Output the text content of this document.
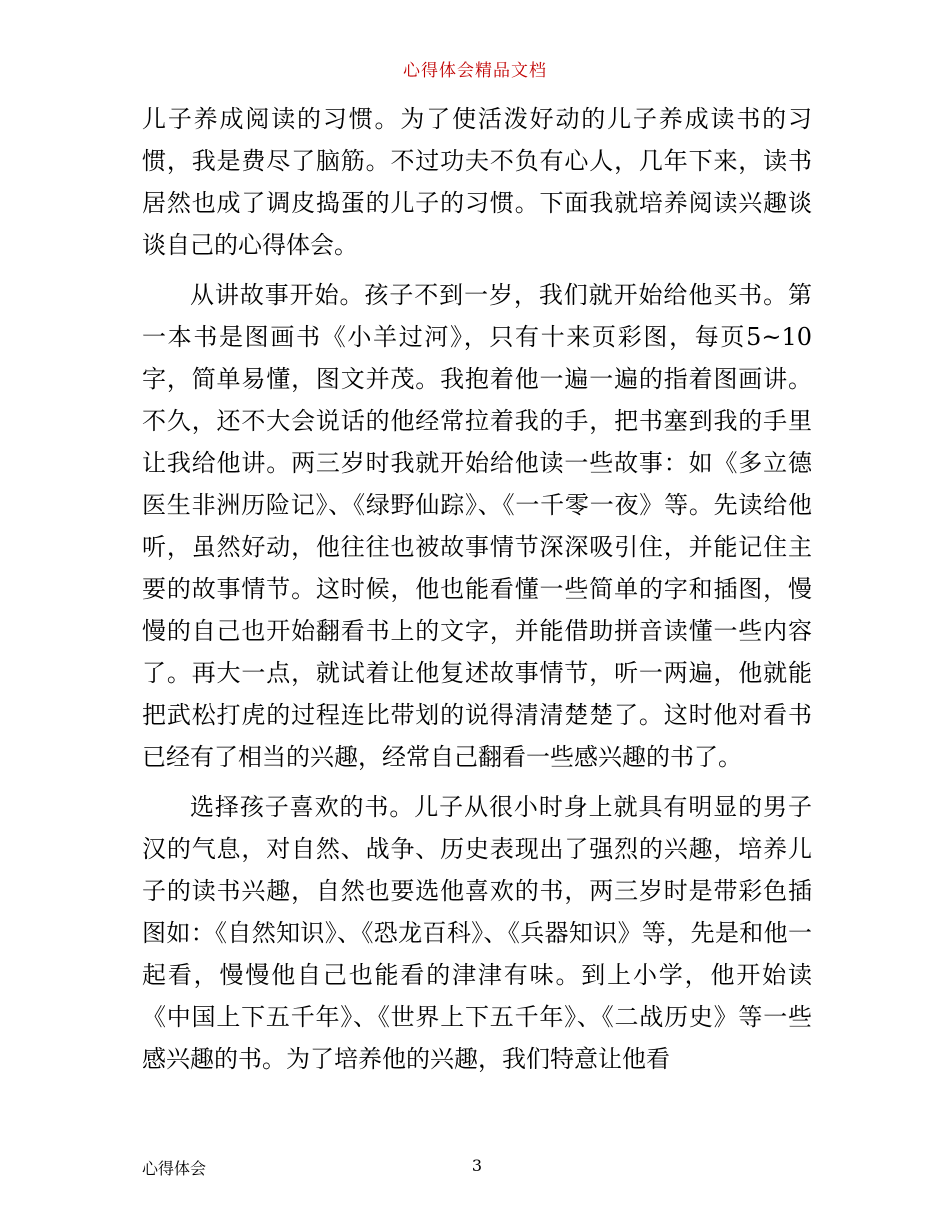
心得体会精品文档

儿子养成阅读的习惯。为了使活泼好动的儿子养成读书的习惯，我是费尽了脑筋。不过功夫不负有心人，几年下来，读书居然也成了调皮捣蛋的儿子的习惯。下面我就培养阅读兴趣谈谈自己的心得体会。

从讲故事开始。孩子不到一岁，我们就开始给他买书。第一本书是图画书《小羊过河》，只有十来页彩图，每页5~10字，简单易懂，图文并茂。我抱着他一遍一遍的指着图画讲。不久，还不大会说话的他经常拉着我的手，把书塞到我的手里让我给他讲。两三岁时我就开始给他读一些故事：如《多立德医生非洲历险记》、《绿野仙踪》、《一千零一夜》等。先读给他听，虽然好动，他往往也被故事情节深深吸引住，并能记住主要的故事情节。这时候，他也能看懂一些简单的字和插图，慢慢的自己也开始翻看书上的文字，并能借助拼音读懂一些内容了。再大一点，就试着让他复述故事情节，听一两遍，他就能把武松打虎的过程连比带划的说得清清楚楚了。这时他对看书已经有了相当的兴趣，经常自己翻看一些感兴趣的书了。

选择孩子喜欢的书。儿子从很小时身上就具有明显的男子汉的气息，对自然、战争、历史表现出了强烈的兴趣，培养儿子的读书兴趣，自然也要选他喜欢的书，两三岁时是带彩色插图如：《自然知识》、《恐龙百科》、《兵器知识》等，先是和他一起看，慢慢他自己也能看的津津有味。到上小学，他开始读《中国上下五千年》、《世界上下五千年》、《二战历史》等一些感兴趣的书。为了培养他的兴趣，我们特意让他看

心得体会	3
